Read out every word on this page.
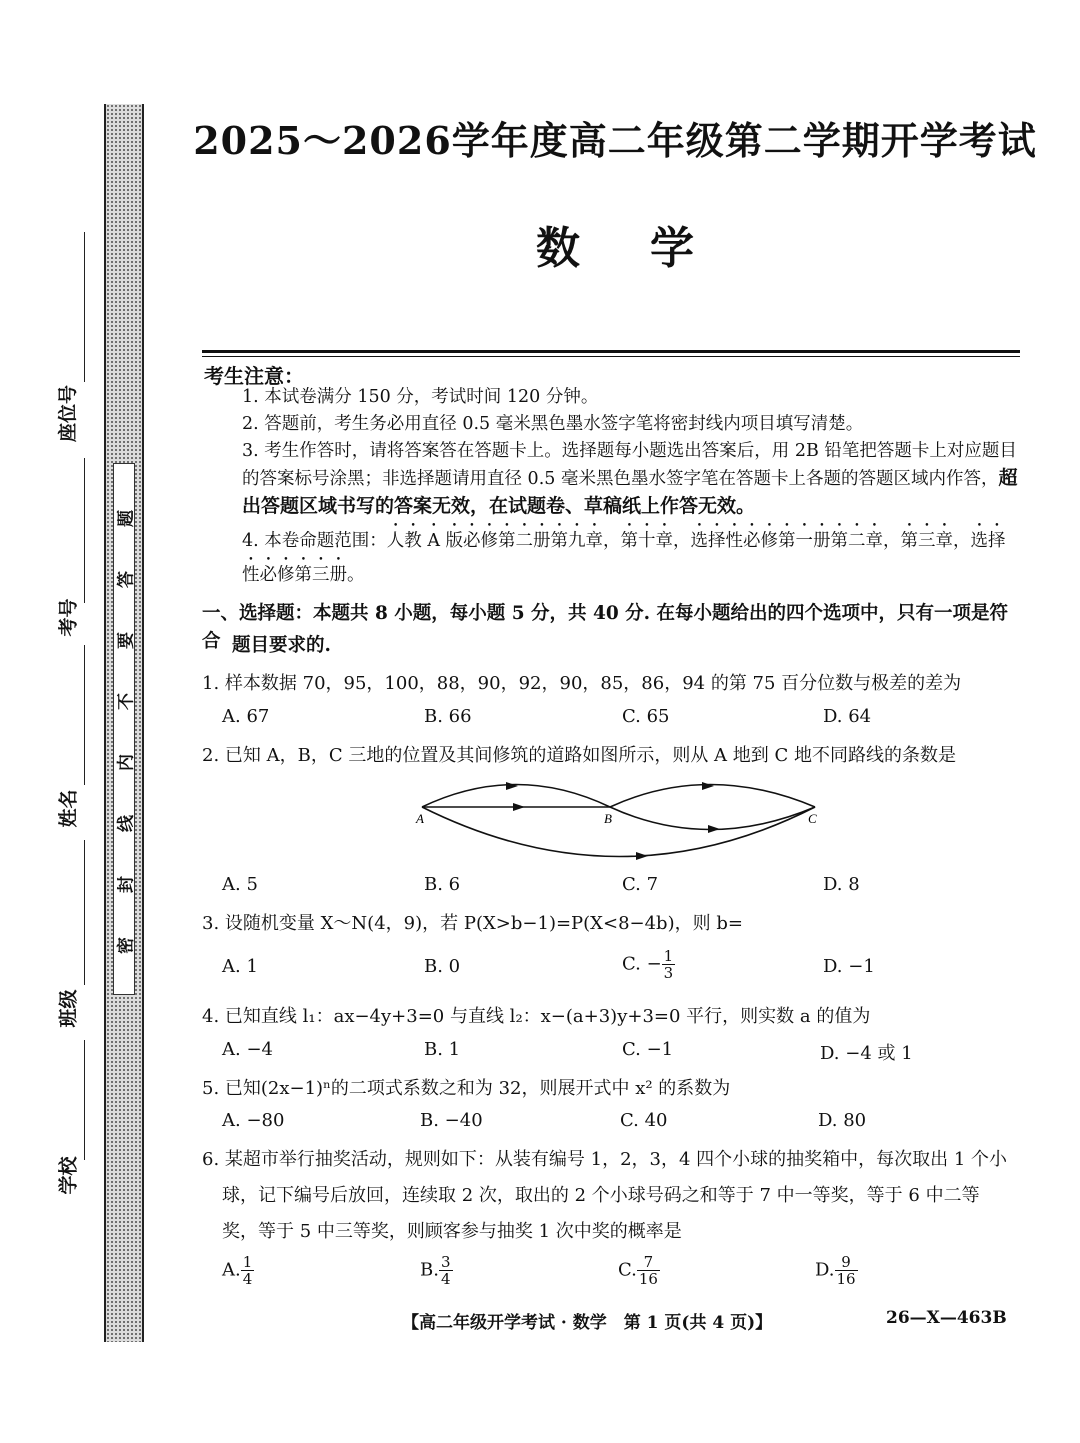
题
答
要
不
内
线
封
密
座位号
考号
姓名
班级
学校
2025～2026学年度高二年级第二学期开学考试
数学
考生注意：
1. 本试卷满分 150 分，考试时间 120 分钟。
2. 答题前，考生务必用直径 0.5 毫米黑色墨水签字笔将密封线内项目填写清楚。
3. 考生作答时，请将答案答在答题卡上。选择题每小题选出答案后，用 2B 铅笔把答题卡上对应题目的答案标号涂黑；非选择题请用直径 0.5 毫米黑色墨水签字笔在答题卡上各题的答题区域内作答，超出答题区域书写的答案无效，在试题卷、草稿纸上作答无效。
4. 本卷命题范围：人教 A 版必修第二册第九章，第十章，选择性必修第一册第二章，第三章，选择性必修第三册。
一、选择题：本题共 8 小题，每小题 5 分，共 40 分. 在每小题给出的四个选项中，只有一项是符合 题目要求的.
1. 样本数据 70，95，100，88，90，92，90，85，86，94 的第 75 百分位数与极差的差为
A. 67	B. 66	C. 65	D. 64
2. 已知 A，B，C 三地的位置及其间修筑的道路如图所示，则从 A 地到 C 地不同路线的条数是
A	B	C
A. 5	B. 6	C. 7	D. 8
3. 设随机变量 X～N(4，9)，若 P(X>b−1)=P(X<8−4b)，则 b=
A. 1	B. 0	C. − $\frac{1}{3}$	D. −1
4. 已知直线 l₁：ax−4y+3=0 与直线 l₂：x−(a+3)y+3=0 平行，则实数 a 的值为
A. −4	B. 1	C. −1	D. −4 或 1
5. 已知(2x−1)ⁿ的二项式系数之和为 32，则展开式中 x² 的系数为
A. −80	B. −40	C. 40	D. 80
6. 某超市举行抽奖活动，规则如下：从装有编号 1，2，3，4 四个小球的抽奖箱中，每次取出 1 个小
球，记下编号后放回，连续取 2 次，取出的 2 个小球号码之和等于 7 中一等奖，等于 6 中二等
奖，等于 5 中三等奖，则顾客参与抽奖 1 次中奖的概率是
A. $\frac{1}{4}$	B. $\frac{3}{4}$	C. $\frac{7}{16}$	D. $\frac{9}{16}$
【高二年级开学考试 · 数学　第 1 页(共 4 页)】	26—X—463B
